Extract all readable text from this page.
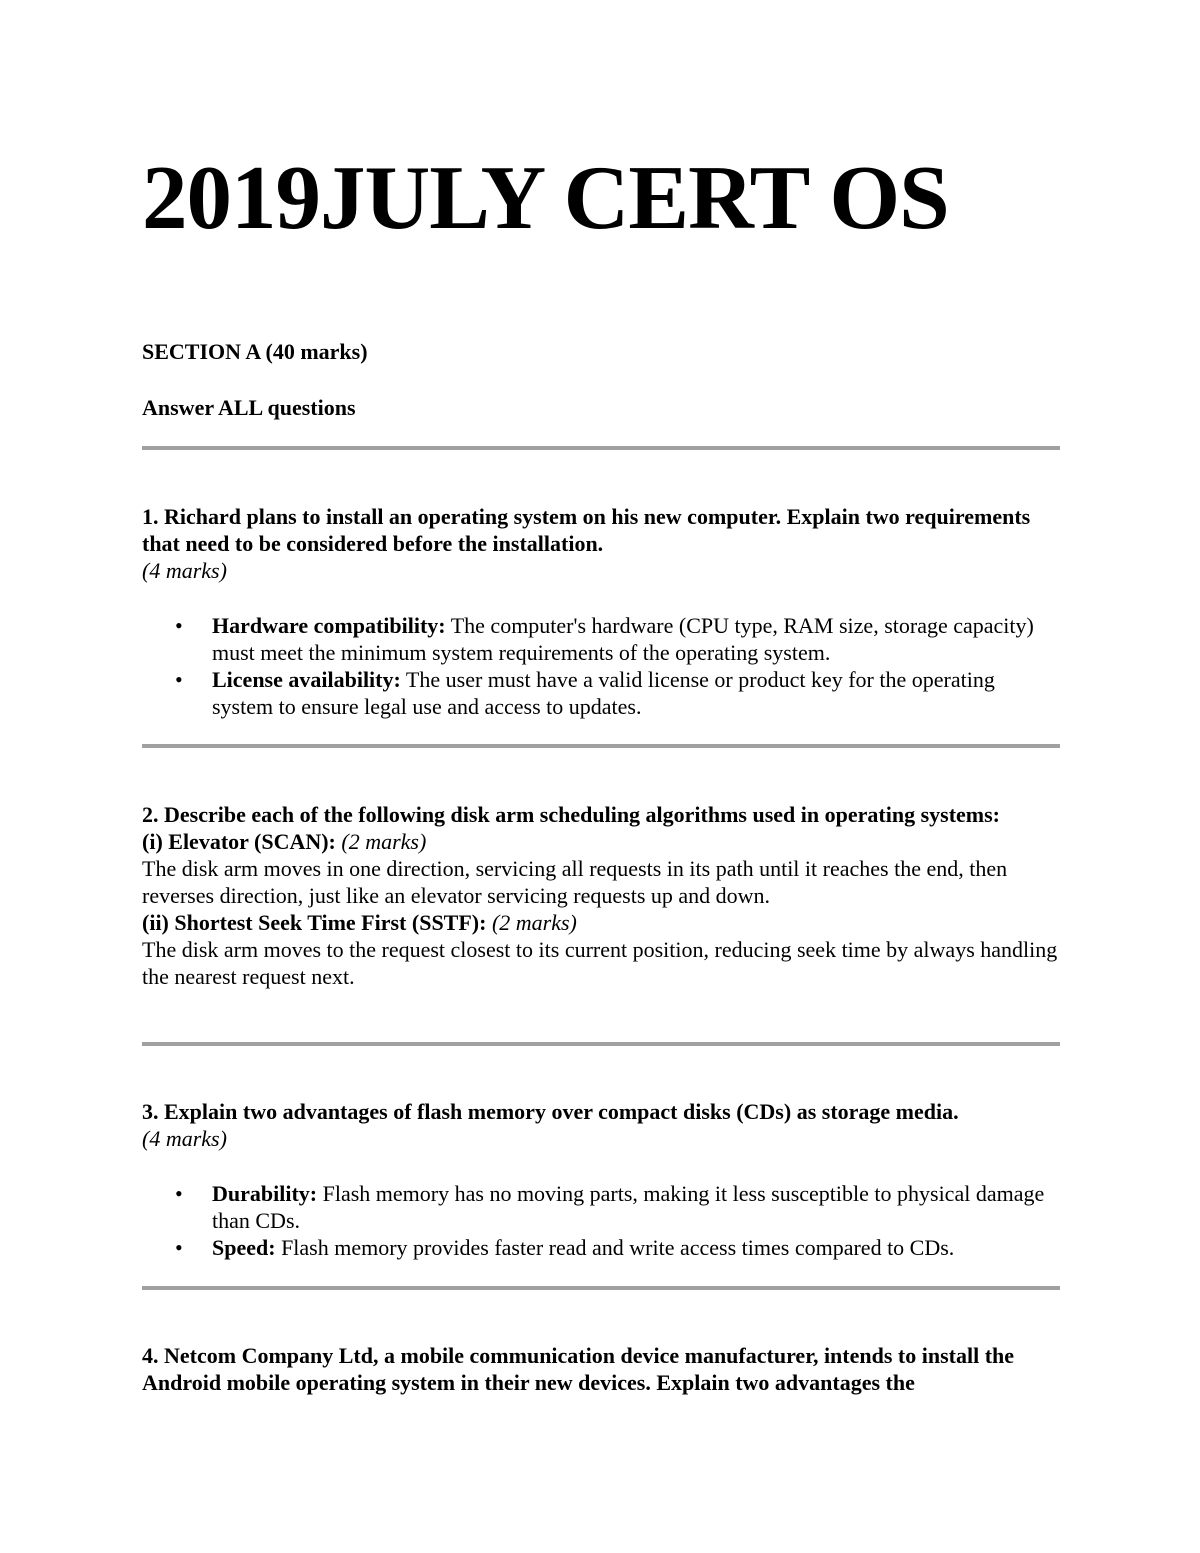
2019JULY CERT OS

SECTION A (40 marks)

Answer ALL questions

1. Richard plans to install an operating system on his new computer. Explain two requirements that need to be considered before the installation.

(4 marks)

• Hardware compatibility: The computer's hardware (CPU type, RAM size, storage capacity) must meet the minimum system requirements of the operating system.
• License availability: The user must have a valid license or product key for the operating system to ensure legal use and access to updates.

2. Describe each of the following disk arm scheduling algorithms used in operating systems:

(i) Elevator (SCAN): (2 marks)

The disk arm moves in one direction, servicing all requests in its path until it reaches the end, then reverses direction, just like an elevator servicing requests up and down.

(ii) Shortest Seek Time First (SSTF): (2 marks)

The disk arm moves to the request closest to its current position, reducing seek time by always handling the nearest request next.

3. Explain two advantages of flash memory over compact disks (CDs) as storage media.

(4 marks)

• Durability: Flash memory has no moving parts, making it less susceptible to physical damage than CDs.
• Speed: Flash memory provides faster read and write access times compared to CDs.

4. Netcom Company Ltd, a mobile communication device manufacturer, intends to install the Android mobile operating system in their new devices. Explain two advantages the
